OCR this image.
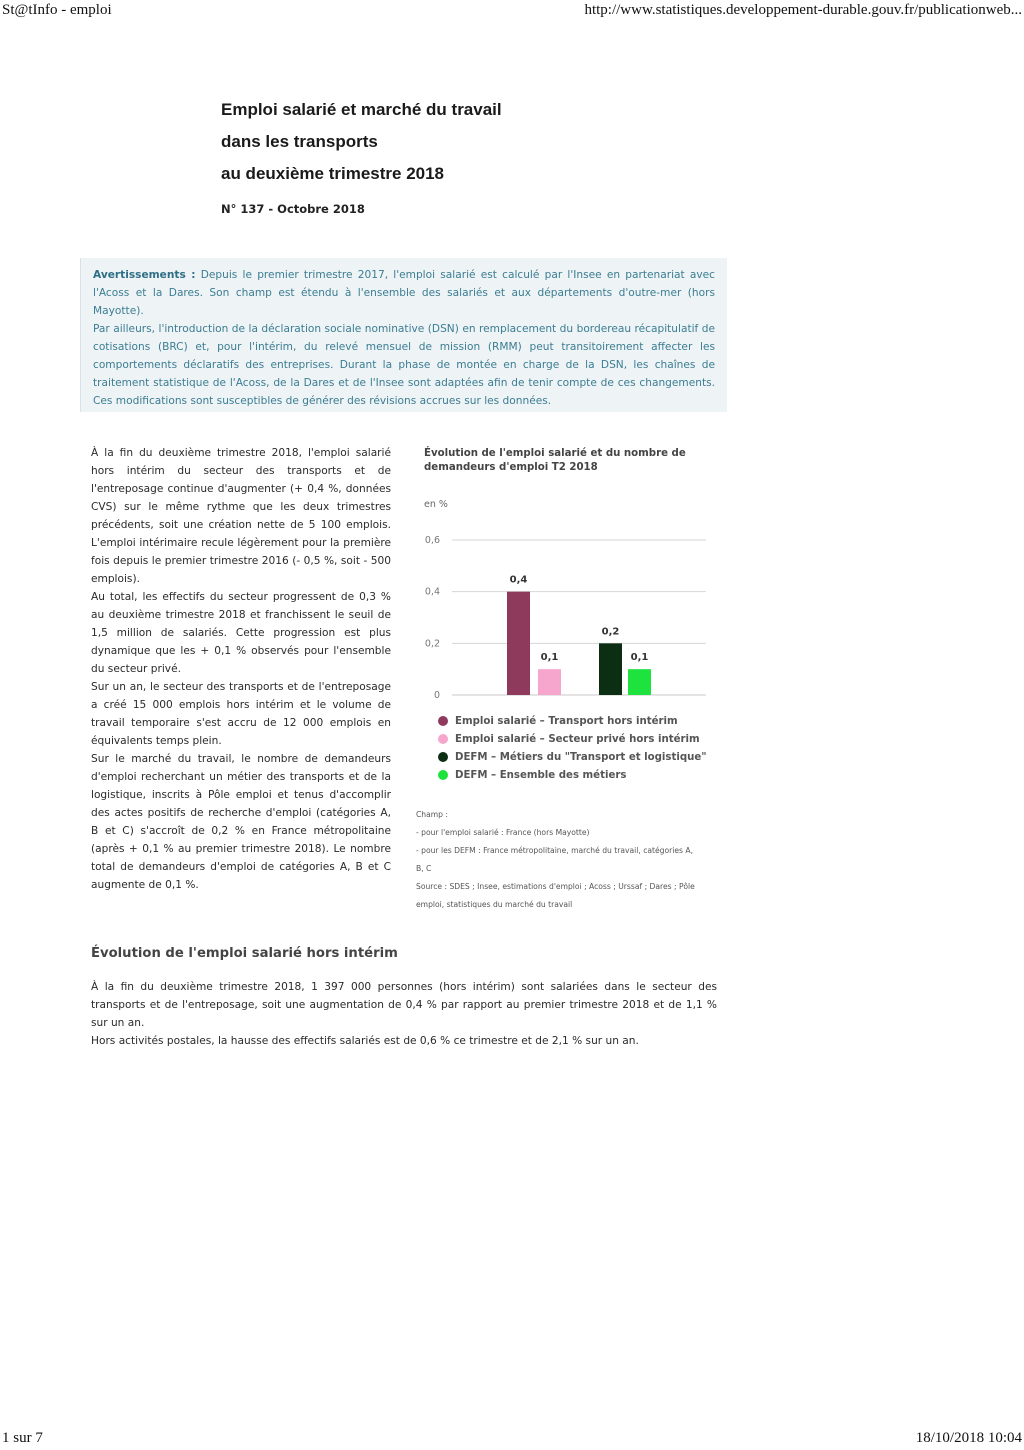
St@tInfo - emploi	http://www.statistiques.developpement-durable.gouv.fr/publicationweb...
Emploi salarié et marché du travail
dans les transports
au deuxième trimestre 2018
N° 137 - Octobre 2018

Avertissements : Depuis le premier trimestre 2017, l'emploi salarié est calculé par l'Insee en partenariat avec l'Acoss et la Dares. Son champ est étendu à l'ensemble des salariés et aux départements d'outre-mer (hors Mayotte).

Par ailleurs, l'introduction de la déclaration sociale nominative (DSN) en remplacement du bordereau récapitulatif de cotisations (BRC) et, pour l'intérim, du relevé mensuel de mission (RMM) peut transitoirement affecter les comportements déclaratifs des entreprises. Durant la phase de montée en charge de la DSN, les chaînes de traitement statistique de l'Acoss, de la Dares et de l'Insee sont adaptées afin de tenir compte de ces changements. Ces modifications sont susceptibles de générer des révisions accrues sur les données.

À la fin du deuxième trimestre 2018, l'emploi salarié hors intérim du secteur des transports et de l'entreposage continue d'augmenter (+ 0,4 %, données CVS) sur le même rythme que les deux trimestres précédents, soit une création nette de 5 100 emplois. L'emploi intérimaire recule légèrement pour la première fois depuis le premier trimestre 2016 (- 0,5 %, soit - 500 emplois).

Au total, les effectifs du secteur progressent de 0,3 % au deuxième trimestre 2018 et franchissent le seuil de 1,5 million de salariés. Cette progression est plus dynamique que les + 0,1 % observés pour l'ensemble du secteur privé.

Sur un an, le secteur des transports et de l'entreposage a créé 15 000 emplois hors intérim et le volume de travail temporaire s'est accru de 12 000 emplois en équivalents temps plein.

Sur le marché du travail, le nombre de demandeurs d'emploi recherchant un métier des transports et de la logistique, inscrits à Pôle emploi et tenus d'accomplir des actes positifs de recherche d'emploi (catégories A, B et C) s'accroît de 0,2 % en France métropolitaine (après + 0,1 % au premier trimestre 2018). Le nombre total de demandeurs d'emploi de catégories A, B et C augmente de 0,1 %.

Évolution de l'emploi salarié et du nombre de demandeurs d'emploi T2 2018
en %
0
0,2
0,4
0,6
0,4
0,1
0,2
0,1
Emploi salarié – Transport hors intérim
Emploi salarié – Secteur privé hors intérim
DEFM – Métiers du "Transport et logistique"
DEFM – Ensemble des métiers
Champ :
- pour l'emploi salarié : France (hors Mayotte)
- pour les DEFM : France métropolitaine, marché du travail, catégories A,
B, C
Source : SDES ; Insee, estimations d'emploi ; Acoss ; Urssaf ; Dares ; Pôle
emploi, statistiques du marché du travail
Évolution de l'emploi salarié hors intérim

À la fin du deuxième trimestre 2018, 1 397 000 personnes (hors intérim) sont salariées dans le secteur des transports et de l'entreposage, soit une augmentation de 0,4 % par rapport au premier trimestre 2018 et de 1,1 % sur un an.

Hors activités postales, la hausse des effectifs salariés est de 0,6 % ce trimestre et de 2,1 % sur un an.

1 sur 7	18/10/2018 10:04
